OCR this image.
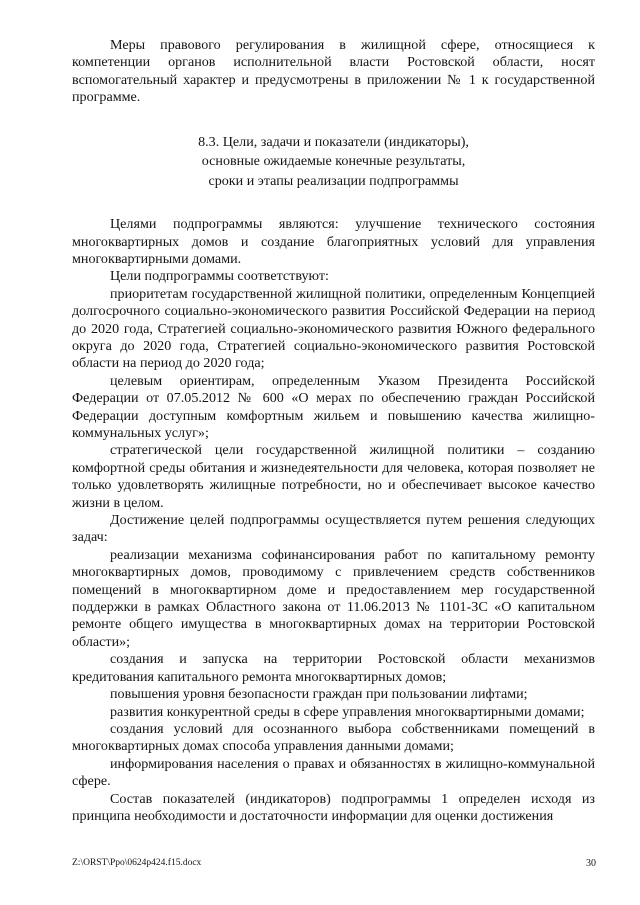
Меры правового регулирования в жилищной сфере, относящиеся к компетенции органов исполнительной власти Ростовской области, носят вспомогательный характер и предусмотрены в приложении № 1 к государственной программе.

8.3. Цели, задачи и показатели (индикаторы),
основные ожидаемые конечные результаты,
сроки и этапы реализации подпрограммы

Целями подпрограммы являются: улучшение технического состояния многоквартирных домов и создание благоприятных условий для управления многоквартирными домами.

Цели подпрограммы соответствуют:

приоритетам государственной жилищной политики, определенным Концепцией долгосрочного социально-экономического развития Российской Федерации на период до 2020 года, Стратегией социально-экономического развития Южного федерального округа до 2020 года, Стратегией социально-экономического развития Ростовской области на период до 2020 года;

целевым ориентирам, определенным Указом Президента Российской Федерации от 07.05.2012 № 600 «О мерах по обеспечению граждан Российской Федерации доступным комфортным жильем и повышению качества жилищно-коммунальных услуг»;

стратегической цели государственной жилищной политики – созданию комфортной среды обитания и жизнедеятельности для человека, которая позволяет не только удовлетворять жилищные потребности, но и обеспечивает высокое качество жизни в целом.

Достижение целей подпрограммы осуществляется путем решения следующих задач:

реализации механизма софинансирования работ по капитальному ремонту многоквартирных домов, проводимому с привлечением средств собственников помещений в многоквартирном доме и предоставлением мер государственной поддержки в рамках Областного закона от 11.06.2013 № 1101-ЗС «О капитальном ремонте общего имущества в многоквартирных домах на территории Ростовской области»;

создания и запуска на территории Ростовской области механизмов кредитования капитального ремонта многоквартирных домов;

повышения уровня безопасности граждан при пользовании лифтами;

развития конкурентной среды в сфере управления многоквартирными домами;

создания условий для осознанного выбора собственниками помещений в многоквартирных домах способа управления данными домами;

информирования населения о правах и обязанностях в жилищно-коммунальной сфере.

Состав показателей (индикаторов) подпрограммы 1 определен исходя из принципа необходимости и достаточности информации для оценки достижения

Z:\ORST\Ppo\0624p424.f15.docx	30
